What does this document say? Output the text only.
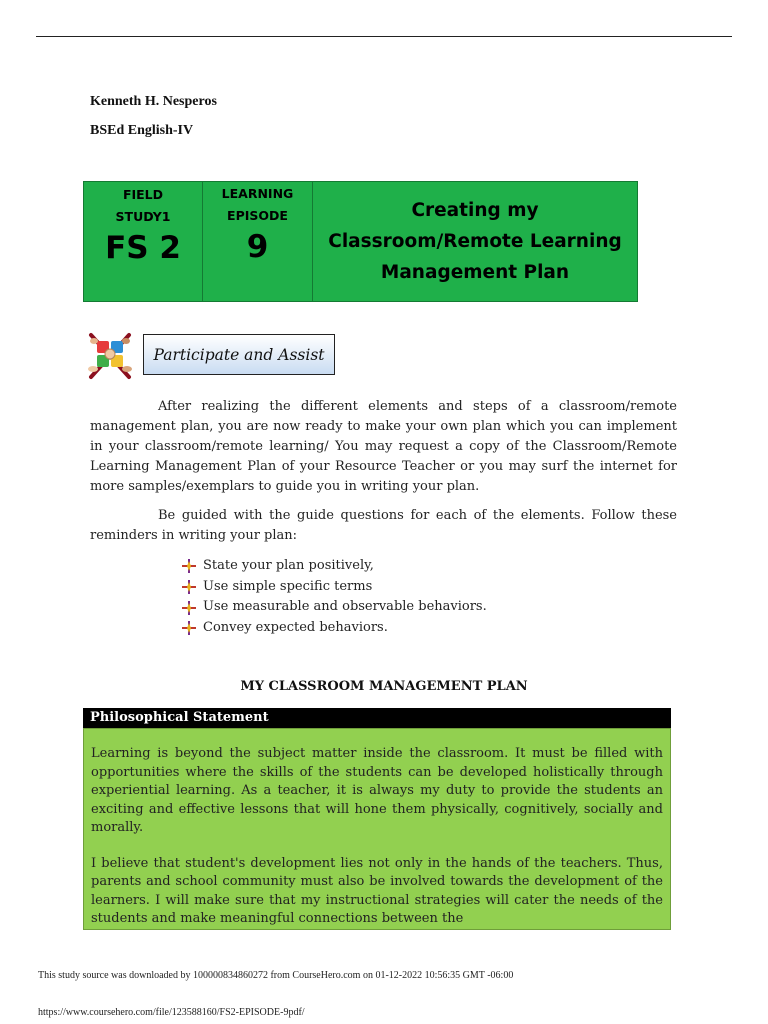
Kenneth H. Nesperos
BSEd English-IV
FIELD
STUDY1
FS 2
LEARNING
EPISODE
9
Creating my
Classroom/Remote Learning
Management Plan
Participate and Assist
After realizing the different elements and steps of a classroom/remote management plan, you are now ready to make your own plan which you can implement in your classroom/remote learning/ You may request a copy of the Classroom/Remote Learning Management Plan of your Resource Teacher or you may surf the internet for more samples/exemplars to guide you in writing your plan.
Be guided with the guide questions for each of the elements. Follow these reminders in writing your plan:
State your plan positively,
Use simple specific terms
Use measurable and observable behaviors.
Convey expected behaviors.
MY CLASSROOM MANAGEMENT PLAN
Philosophical Statement

Learning is beyond the subject matter inside the classroom. It must be filled with opportunities where the skills of the students can be developed holistically through experiential learning. As a teacher, it is always my duty to provide the students an exciting and effective lessons that will hone them physically, cognitively, socially and morally.

I believe that student's development lies not only in the hands of the teachers. Thus, parents and school community must also be involved towards the development of the learners. I will make sure that my instructional strategies will cater the needs of the students and make meaningful connections between the

This study source was downloaded by 100000834860272 from CourseHero.com on 01-12-2022 10:56:35 GMT -06:00
https://www.coursehero.com/file/123588160/FS2-EPISODE-9pdf/
